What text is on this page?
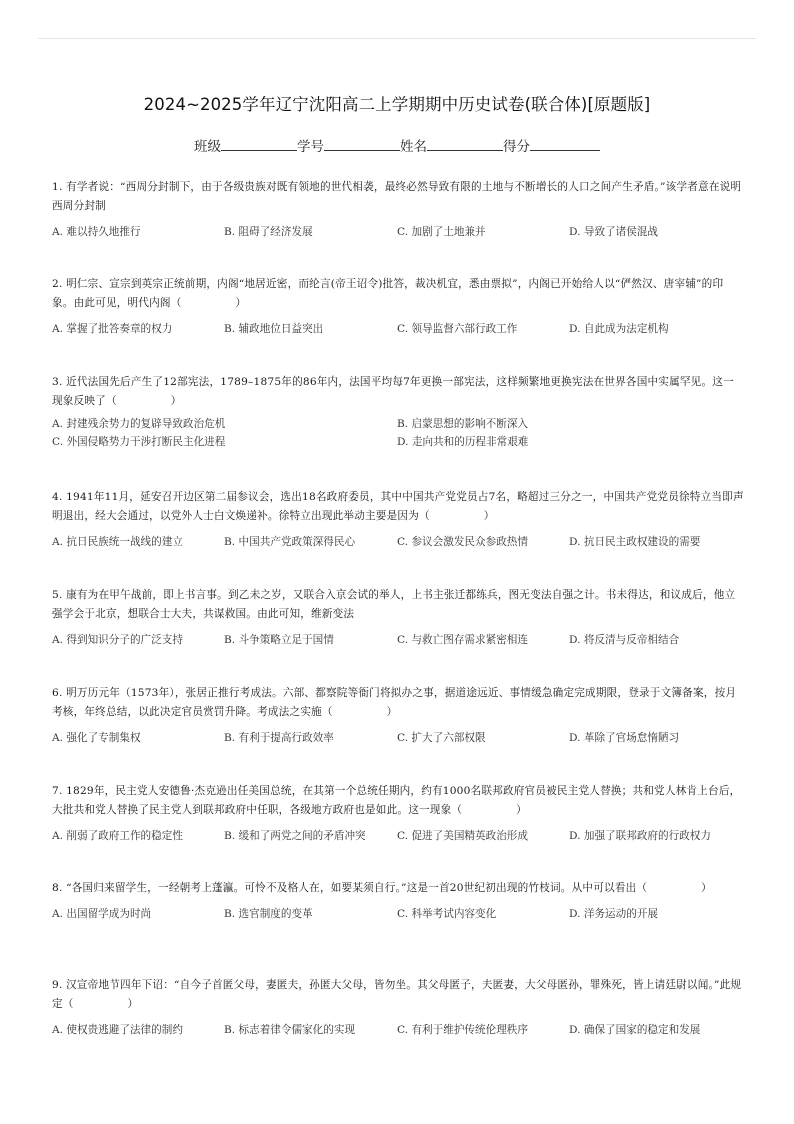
2024~2025学年辽宁沈阳高二上学期期中历史试卷(联合体)[原题版]
班级	学号	姓名	得分

1. 有学者说：“西周分封制下，由于各级贵族对既有领地的世代相袭，最终必然导致有限的土地与不断增长的人口之间产生矛盾。”该学者意在说明西周分封制

A. 难以持久地推行	B. 阻碍了经济发展	C. 加剧了土地兼并	D. 导致了诸侯混战

2. 明仁宗、宣宗到英宗正统前期，内阁“地居近密，而纶言(帝王诏令)批答，裁决机宜，悉由票拟”，内阁已开始给人以“俨然汉、唐宰辅”的印象。由此可见，明代内阁（　　　　　）

A. 掌握了批答奏章的权力	B. 辅政地位日益突出	C. 领导监督六部行政工作	D. 自此成为法定机构

3. 近代法国先后产生了12部宪法，1789–1875年的86年内，法国平均每7年更换一部宪法，这样频繁地更换宪法在世界各国中实属罕见。这一现象反映了（　　　　　）

A. 封建残余势力的复辟导致政治危机	B. 启蒙思想的影响不断深入
C. 外国侵略势力干涉打断民主化进程	D. 走向共和的历程非常艰难

4. 1941年11月，延安召开边区第二届参议会，选出18名政府委员，其中中国共产党党员占7名，略超过三分之一，中国共产党党员徐特立当即声明退出，经大会通过，以党外人士白文焕递补。徐特立出现此举动主要是因为（　　　　　）

A. 抗日民族统一战线的建立	B. 中国共产党政策深得民心	C. 参议会激发民众参政热情	D. 抗日民主政权建设的需要

5. 康有为在甲午战前，即上书言事。到乙未之岁，又联合入京会试的举人，上书主张迁都练兵，图无变法自强之计。书未得达，和议成后，他立强学会于北京，想联合士大夫，共谋救国。由此可知，维新变法

A. 得到知识分子的广泛支持	B. 斗争策略立足于国情	C. 与救亡图存需求紧密相连	D. 将反清与反帝相结合

6. 明万历元年（1573年），张居正推行考成法。六部、都察院等衙门将拟办之事，据道途远近、事情缓急确定完成期限，登录于文簿备案，按月考核，年终总结，以此决定官员赏罚升降。考成法之实施（　　　　　）

A. 强化了专制集权	B. 有利于提高行政效率	C. 扩大了六部权限	D. 革除了官场怠惰陋习

7. 1829年，民主党人安德鲁·杰克逊出任美国总统，在其第一个总统任期内，约有1000名联邦政府官员被民主党人替换；共和党人林肯上台后，大批共和党人替换了民主党人到联邦政府中任职，各级地方政府也是如此。这一现象（　　　　　）

A. 削弱了政府工作的稳定性	B. 缓和了两党之间的矛盾冲突	C. 促进了美国精英政治形成	D. 加强了联邦政府的行政权力

8. “各国归来留学生，一经朝考上蓬瀛。可怜不及格人在，如要某须自行。”这是一首20世纪初出现的竹枝词。从中可以看出（　　　　　）

A. 出国留学成为时尚	B. 选官制度的变革	C. 科举考试内容变化	D. 洋务运动的开展

9. 汉宣帝地节四年下诏：“自今子首匿父母，妻匿夫，孙匿大父母，皆勿坐。其父母匿子，夫匿妻，大父母匿孙，罪殊死，皆上请廷尉以闻。”此规定（　　　　　）

A. 使权贵逃避了法律的制约	B. 标志着律令儒家化的实现	C. 有利于维护传统伦理秩序	D. 确保了国家的稳定和发展
